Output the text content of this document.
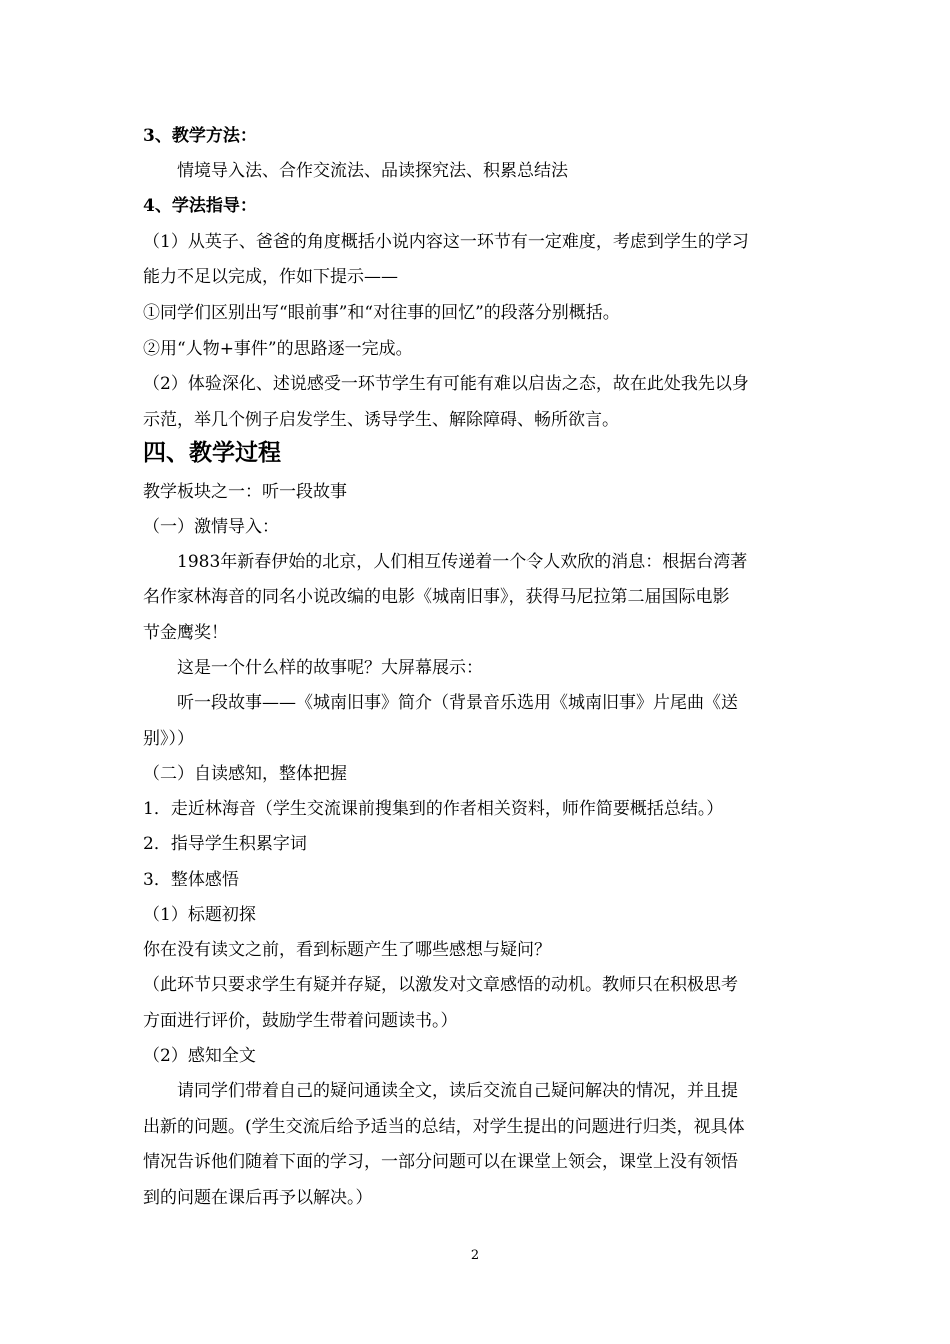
3、教学方法：
情境导入法、合作交流法、品读探究法、积累总结法
4、学法指导：
（1）从英子、爸爸的角度概括小说内容这一环节有一定难度，考虑到学生的学习
能力不足以完成，作如下提示——
①同学们区别出写“眼前事”和“对往事的回忆”的段落分别概括。
②用“人物+事件”的思路逐一完成。
（2）体验深化、述说感受一环节学生有可能有难以启齿之态，故在此处我先以身
示范，举几个例子启发学生、诱导学生、解除障碍、畅所欲言。
四、教学过程
教学板块之一：听一段故事
（一）激情导入：
1983年新春伊始的北京，人们相互传递着一个令人欢欣的消息：根据台湾著
名作家林海音的同名小说改编的电影《城南旧事》，获得马尼拉第二届国际电影
节金鹰奖！
这是一个什么样的故事呢？大屏幕展示：
听一段故事——《城南旧事》简介（背景音乐选用《城南旧事》片尾曲《送
别》））
（二）自读感知，整体把握
1．走近林海音（学生交流课前搜集到的作者相关资料，师作简要概括总结。）
2．指导学生积累字词
3．整体感悟
（1）标题初探
你在没有读文之前，看到标题产生了哪些感想与疑问？
（此环节只要求学生有疑并存疑，以激发对文章感悟的动机。教师只在积极思考
方面进行评价，鼓励学生带着问题读书。）
（2）感知全文
请同学们带着自己的疑问通读全文，读后交流自己疑问解决的情况，并且提
出新的问题。(学生交流后给予适当的总结，对学生提出的问题进行归类，视具体
情况告诉他们随着下面的学习，一部分问题可以在课堂上领会，课堂上没有领悟
到的问题在课后再予以解决。）
2
